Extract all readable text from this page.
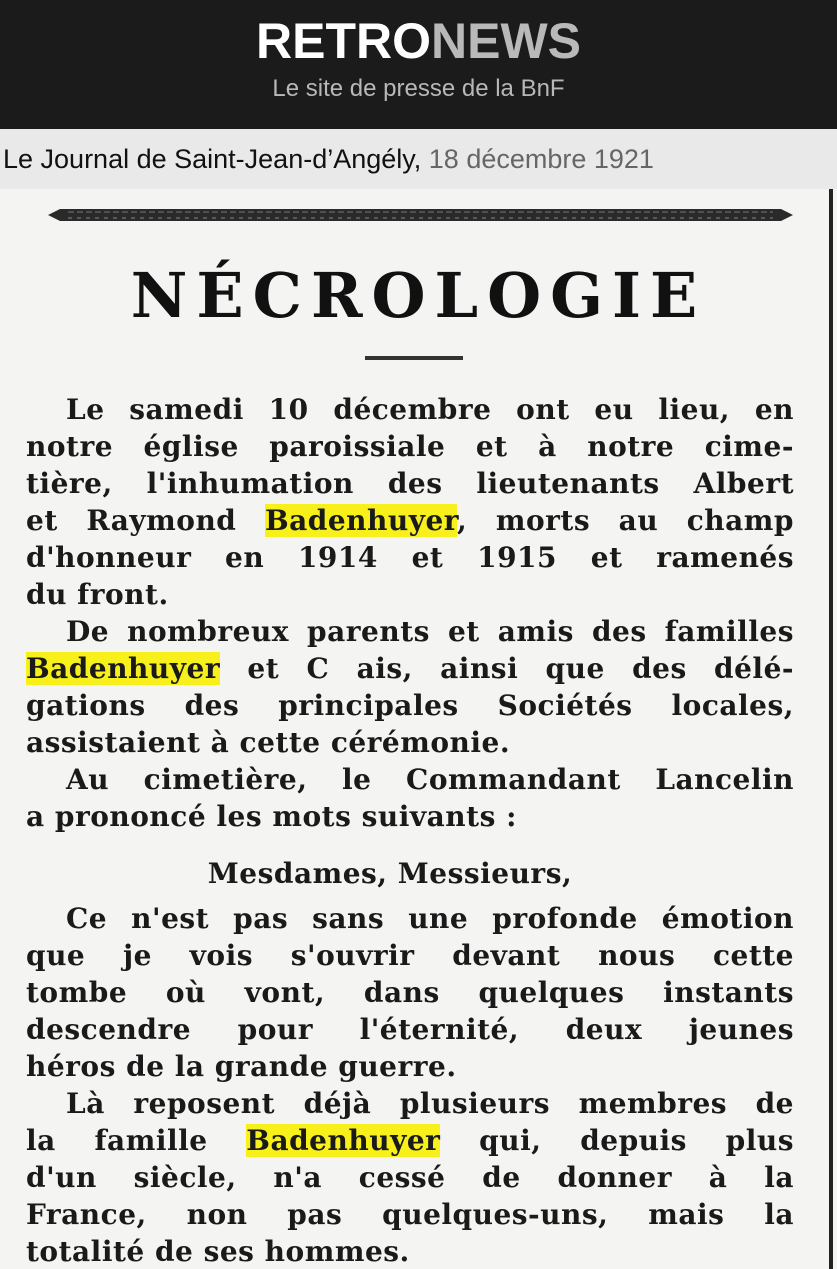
RETRONEWS
Le site de presse de la BnF
Le Journal de Saint-Jean-d’Angély, 18 décembre 1921
NÉCROLOGIE
Le samedi 10 décembre ont eu lieu, en
notre église paroissiale et à notre cime-
tière, l'inhumation des lieutenants Albert
et Raymond Badenhuyer, morts au champ
d'honneur en 1914 et 1915 et ramenés
du front.
De nombreux parents et amis des familles
Badenhuyer et C ais, ainsi que des délé-
gations des principales Sociétés locales,
assistaient à cette cérémonie.
Au cimetière, le Commandant Lancelin
a prononcé les mots suivants :
Mesdames, Messieurs,
Ce n'est pas sans une profonde émotion
que je vois s'ouvrir devant nous cette
tombe où vont, dans quelques instants
descendre pour l'éternité, deux jeunes
héros de la grande guerre.
Là reposent déjà plusieurs membres de
la famille Badenhuyer qui, depuis plus
d'un siècle, n'a cessé de donner à la
France, non pas quelques-uns, mais la
totalité de ses hommes.
